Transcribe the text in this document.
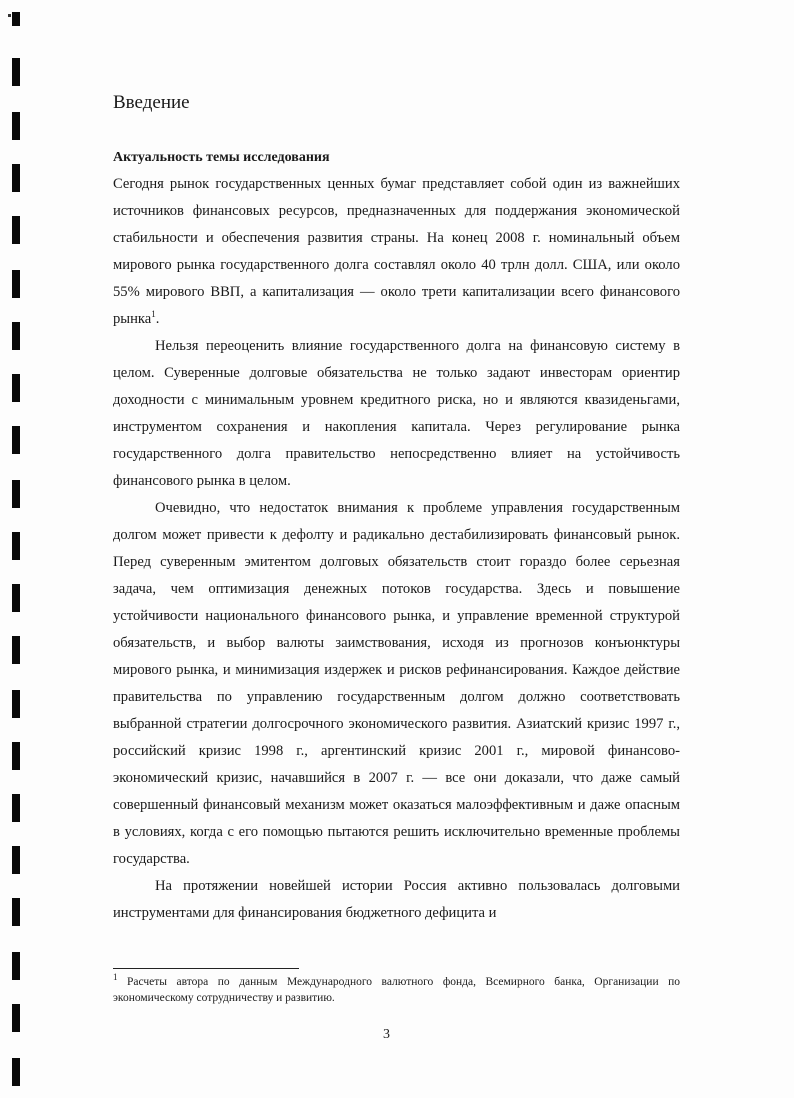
Введение
Актуальность темы исследования

Сегодня рынок государственных ценных бумаг представляет собой один из важнейших источников финансовых ресурсов, предназначенных для поддержания экономической стабильности и обеспечения развития страны. На конец 2008 г. номинальный объем мирового рынка государственного долга составлял около 40 трлн долл. США, или около 55% мирового ВВП, а капитализация — около трети капитализации всего финансового рынка$^1$.

Нельзя переоценить влияние государственного долга на финансовую систему в целом. Суверенные долговые обязательства не только задают инвесторам ориентир доходности с минимальным уровнем кредитного риска, но и являются квазиденьгами, инструментом сохранения и накопления капитала. Через регулирование рынка государственного долга правительство непосредственно влияет на устойчивость финансового рынка в целом.

Очевидно, что недостаток внимания к проблеме управления государственным долгом может привести к дефолту и радикально дестабилизировать финансовый рынок. Перед суверенным эмитентом долговых обязательств стоит гораздо более серьезная задача, чем оптимизация денежных потоков государства. Здесь и повышение устойчивости национального финансового рынка, и управление временной структурой обязательств, и выбор валюты заимствования, исходя из прогнозов конъюнктуры мирового рынка, и минимизация издержек и рисков рефинансирования. Каждое действие правительства по управлению государственным долгом должно соответствовать выбранной стратегии долгосрочного экономического развития. Азиатский кризис 1997 г., российский кризис 1998 г., аргентинский кризис 2001 г., мировой финансово-экономический кризис, начавшийся в 2007 г. — все они доказали, что даже самый совершенный финансовый механизм может оказаться малоэффективным и даже опасным в условиях, когда с его помощью пытаются решить исключительно временные проблемы государства.

На протяжении новейшей истории Россия активно пользовалась долговыми инструментами для финансирования бюджетного дефицита и

$^1$ Расчеты автора по данным Международного валютного фонда, Всемирного банка, Организации по экономическому сотрудничеству и развитию.
3
